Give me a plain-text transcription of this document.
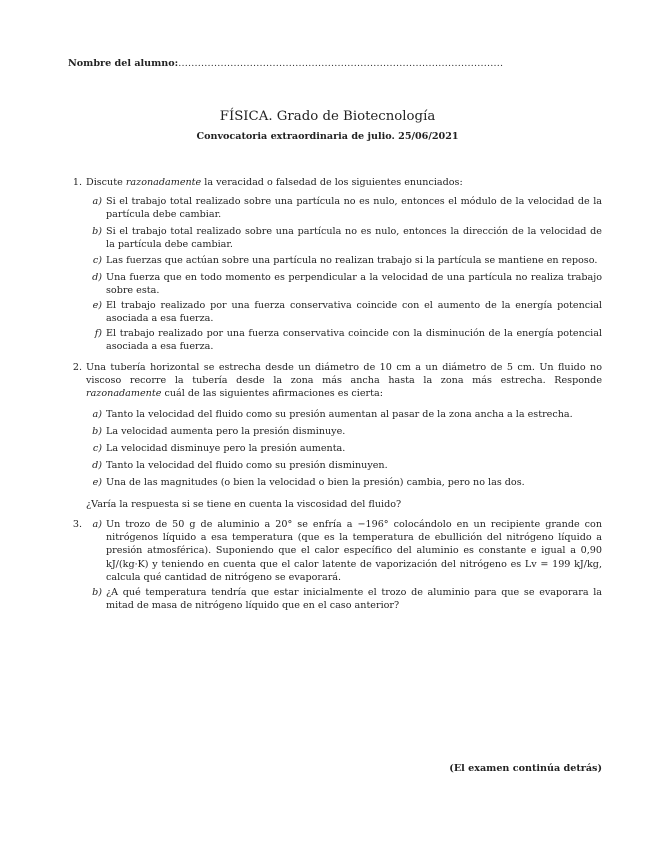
Nombre del alumno:....................................................................................................
FÍSICA. Grado de Biotecnología
Convocatoria extraordinaria de julio. 25/06/2021
1. Discute razonadamente la veracidad o falsedad de los siguientes enunciados:
a) Si el trabajo total realizado sobre una partícula no es nulo, entonces el módulo de la velocidad de la partícula debe cambiar.
b) Si el trabajo total realizado sobre una partícula no es nulo, entonces la dirección de la velocidad de la partícula debe cambiar.
c) Las fuerzas que actúan sobre una partícula no realizan trabajo si la partícula se mantiene en reposo.
d) Una fuerza que en todo momento es perpendicular a la velocidad de una partícula no realiza trabajo sobre esta.
e) El trabajo realizado por una fuerza conservativa coincide con el aumento de la energía potencial asociada a esa fuerza.
f) El trabajo realizado por una fuerza conservativa coincide con la disminución de la energía potencial asociada a esa fuerza.
2. Una tubería horizontal se estrecha desde un diámetro de 10 cm a un diámetro de 5 cm. Un fluido no viscoso recorre la tubería desde la zona más ancha hasta la zona más estrecha. Responde razonadamente cuál de las siguientes afirmaciones es cierta:
a) Tanto la velocidad del fluido como su presión aumentan al pasar de la zona ancha a la estrecha.
b) La velocidad aumenta pero la presión disminuye.
c) La velocidad disminuye pero la presión aumenta.
d) Tanto la velocidad del fluido como su presión disminuyen.
e) Una de las magnitudes (o bien la velocidad o bien la presión) cambia, pero no las dos.
¿Varía la respuesta si se tiene en cuenta la viscosidad del fluido?
3.	a) Un trozo de 50 g de aluminio a 20° se enfría a −196° colocándolo en un recipiente grande con nitrógenos líquido a esa temperatura (que es la temperatura de ebullición del nitrógeno líquido a presión atmosférica). Suponiendo que el calor específico del aluminio es constante e igual a 0,90 kJ/(kg·K) y teniendo en cuenta que el calor latente de vaporización del nitrógeno es Lv = 199 kJ/kg, calcula qué cantidad de nitrógeno se evaporará.
b) ¿A qué temperatura tendría que estar inicialmente el trozo de aluminio para que se evaporara la mitad de masa de nitrógeno líquido que en el caso anterior?
(El examen continúa detrás)
